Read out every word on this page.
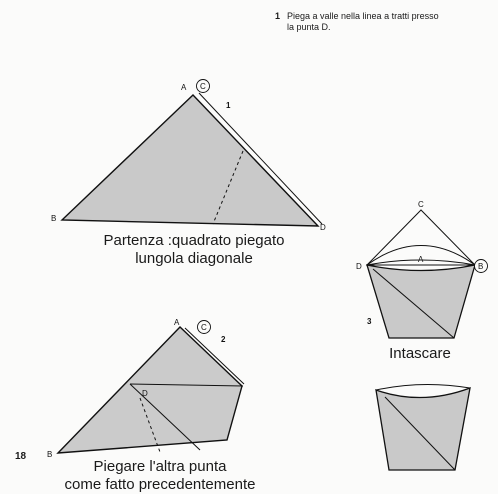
A C
1
B
D
A
C
2
D
B
C
D
A
B
3
1 Piega a valle nella linea a tratti presso
la punta D.
Partenza :quadrato piegato
lungola diagonale
Piegare l'altra punta
come fatto precedentemente
Intascare
18
